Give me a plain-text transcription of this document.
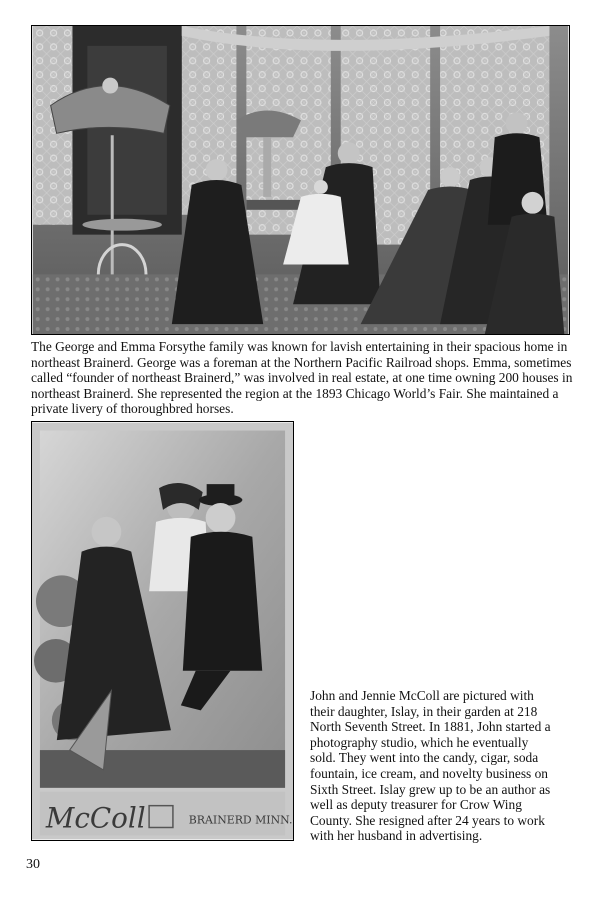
The George and Emma Forsythe family was known for lavish entertaining in their spacious home in northeast Brainerd. George was a foreman at the Northern Pacific Railroad shops. Emma, sometimes called “founder of northeast Brainerd,” was involved in real estate, at one time owning 200 houses in northeast Brainerd. She represented the region at the 1893 Chicago World’s Fair. She maintained a private livery of thoroughbred horses.

McColl	BRAINERD MINN.

John and Jennie McColl are pictured with their daughter, Islay, in their garden at 218 North Seventh Street. In 1881, John started a photography studio, which he eventually sold. They went into the candy, cigar, soda fountain, ice cream, and novelty business on Sixth Street. Islay grew up to be an author as well as deputy treasurer for Crow Wing County. She resigned after 24 years to work with her husband in advertising.

30
